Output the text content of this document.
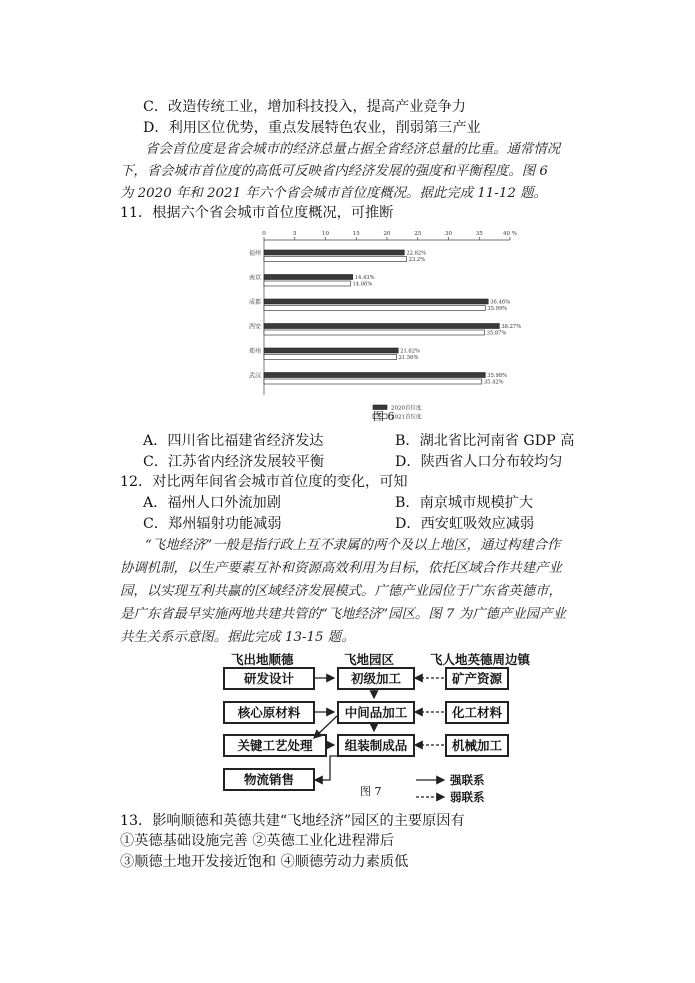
C．改造传统工业，增加科技投入，提高产业竞争力
D．利用区位优势，重点发展特色农业，削弱第三产业
省会首位度是省会城市的经济总量占据全省经济总量的比重。通常情况
下，省会城市首位度的高低可反映省内经济发展的强度和平衡程度。图 6
为 2020 年和 2021 年六个省会城市首位度概况。据此完成 11-12 题。
11．根据六个省会城市首位度概况，可推断
0	5	10	15	20	25	30	35	40 %
福州	22.82%
23.2%
南京	14.43%
14.06%
成都	36.46%
35.99%
西安	38.27%
35.87%
郑州	21.82%
21.56%
武汉	35.98%
35.42%
2020首位度
2021首位度
图 6
A．四川省比福建省经济发达	B．湖北省比河南省 GDP 高
C．江苏省内经济发展较平衡	D．陕西省人口分布较均匀
12．对比两年间省会城市首位度的变化，可知
A．福州人口外流加剧	B．南京城市规模扩大
C．郑州辐射功能减弱	D．西安虹吸效应减弱
“飞地经济”一般是指行政上互不隶属的两个及以上地区，通过构建合作
协调机制，以生产要素互补和资源高效利用为目标，依托区域合作共建产业
园，以实现互利共赢的区域经济发展模式。广德产业园位于广东省英德市，
是广东省最早实施两地共建共管的“飞地经济”园区。图 7 为广德产业园产业
共生关系示意图。据此完成 13-15 题。
飞出地顺德	飞地园区	飞人地英德周边镇
研发设计
核心原材料
关键工艺处理
物流销售
初级加工
中间品加工
组装制成品
矿产资源
化工材料
机械加工
图 7
强联系
弱联系
13．影响顺德和英德共建“飞地经济”园区的主要原因有
①英德基础设施完善 ②英德工业化进程滞后
③顺德土地开发接近饱和 ④顺德劳动力素质低
